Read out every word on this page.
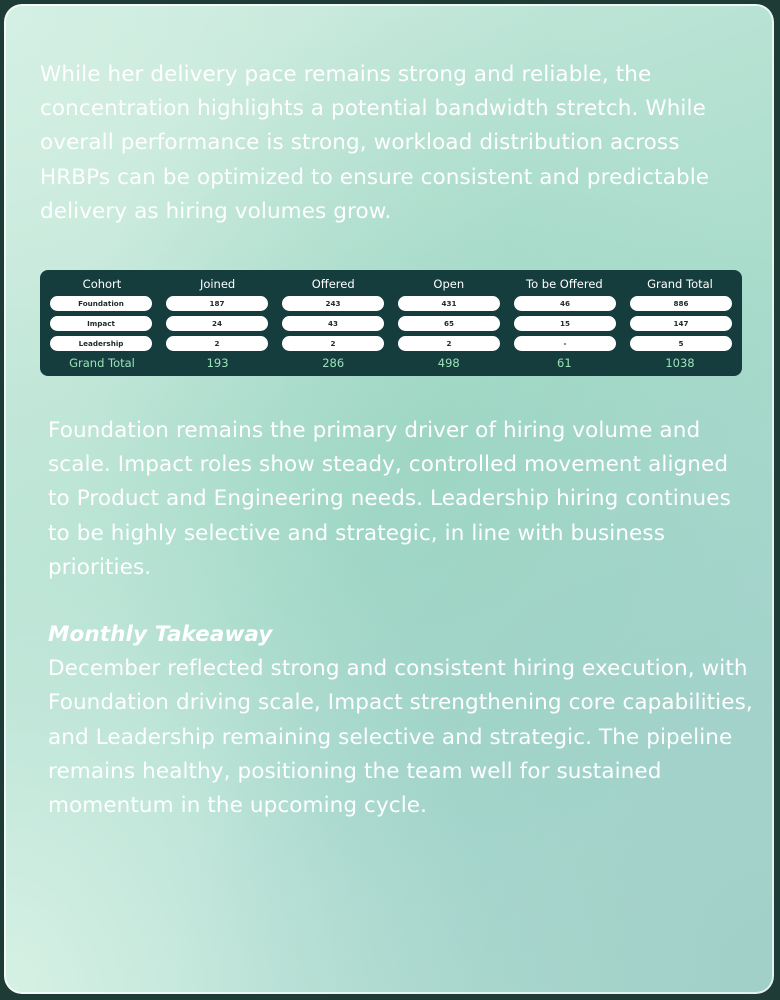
While her delivery pace remains strong and reliable, the concentration highlights a potential bandwidth stretch. While overall performance is strong, workload distribution across HRBPs can be optimized to ensure consistent and predictable delivery as hiring volumes grow.

Cohort	Joined	Offered	Open	To be Offered	Grand Total
Foundation	187	243	431	46	886
Impact	24	43	65	15	147
Leadership	2	2	2	-	5
Grand Total	193	286	498	61	1038

Foundation remains the primary driver of hiring volume and scale. Impact roles show steady, controlled movement aligned to Product and Engineering needs. Leadership hiring continues to be highly selective and strategic, in line with business priorities.

Monthly Takeaway
December reflected strong and consistent hiring execution, with Foundation driving scale, Impact strengthening core capabilities, and Leadership remaining selective and strategic. The pipeline remains healthy, positioning the team well for sustained momentum in the upcoming cycle.
